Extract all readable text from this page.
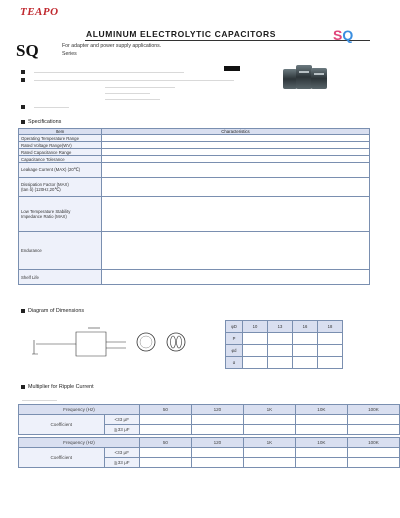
TEAPO
ALUMINUM ELECTROLYTIC CAPACITORS	SQ
SQ	For adapter and power supply applications.
Series
Specifications
Item	Characteristics
Operating Temperature Range	
Rated Voltage Range(WV)	
Rated Capacitance Range	
Capacitance Tolerance	
Leakage Current (MAX) (20℃)	

Dissipation Factor (MAX)
(tan δ) (120Hz,20℃)	

Low Temperature Stability
Impedance Ratio (MAX)	

Endurance	
Shelf Life	
Diagram of Dimensions
φD	10	13	16	18
P				
φd				
α				
Multiplier for Ripple Current
Frequency (Hz)		50	120	1K	10K	100K
Coefficient	<33 μF					
	≧33 μF					
Frequency (Hz)		50	120	1K	10K	100K
Coefficient	<33 μF					
	≧33 μF					
